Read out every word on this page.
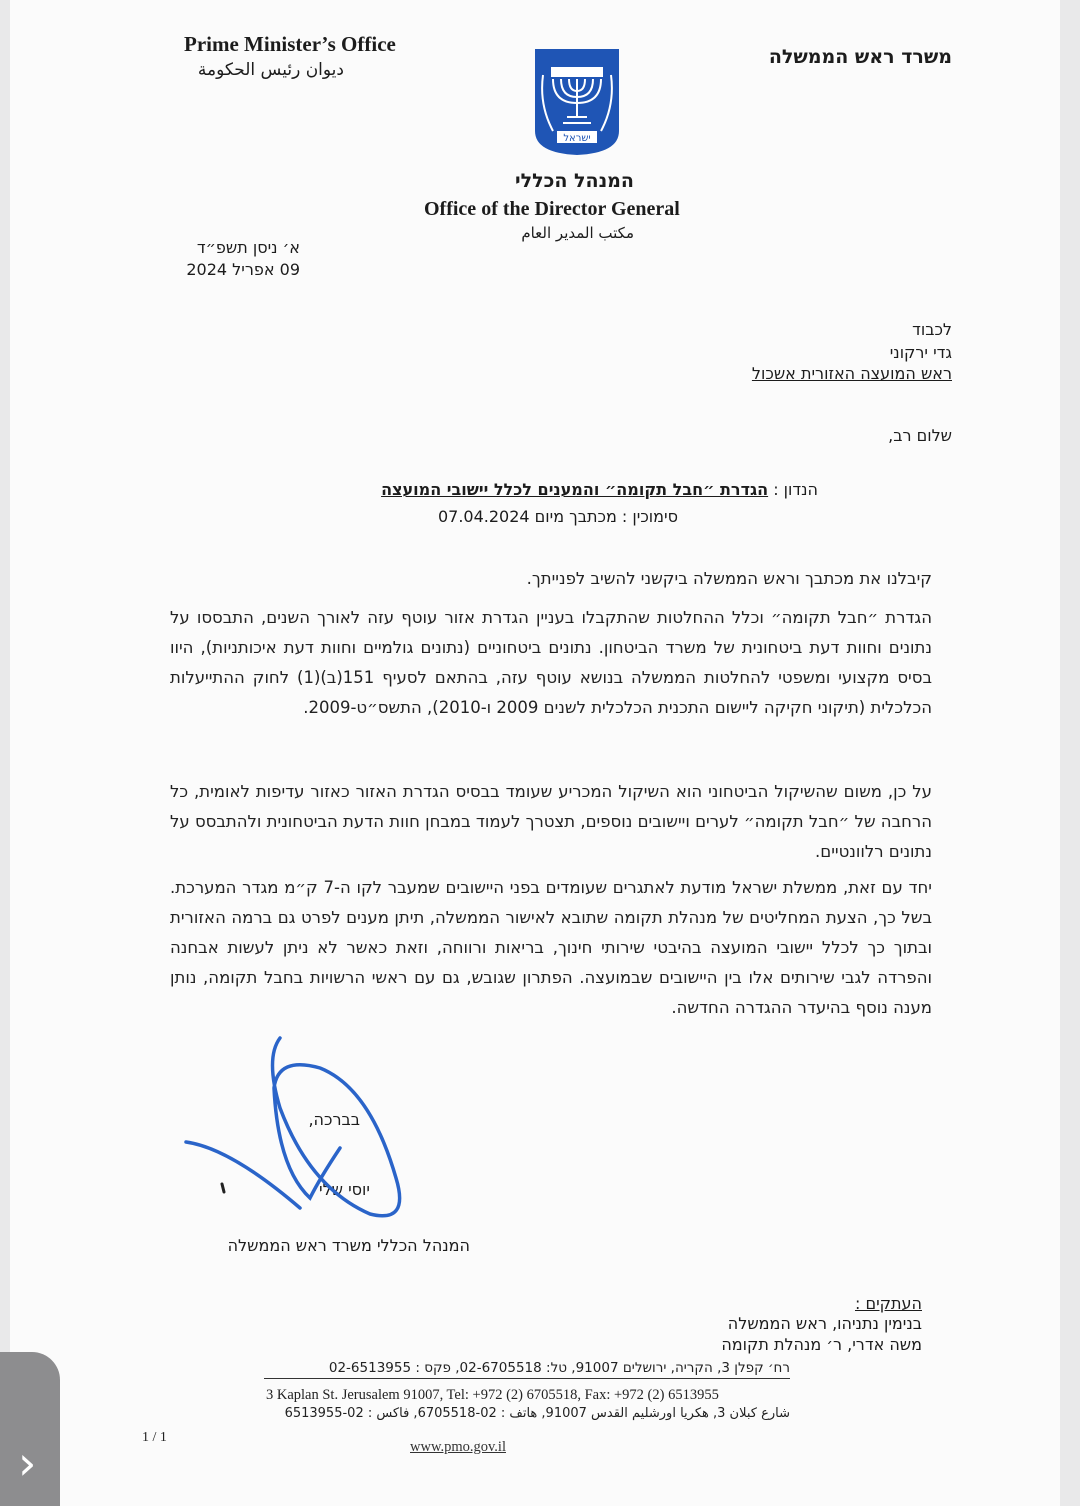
Prime Minister’s Office
ديوان رئيس الحكومة
משרד ראש הממשלה
ישראל
המנהל הכללי
Office of the Director General
مكتب المدير العام
א׳ ניסן תשפ״ד
09 אפריל 2024
לכבוד
גדי ירקוני
ראש המועצה האזורית אשכול
שלום רב,
הנדון : הגדרת ״חבל תקומה״ והמענים לכלל יישובי המועצה
סימוכין : מכתבך מיום 07.04.2024
קיבלנו את מכתבך וראש הממשלה ביקשני להשיב לפנייתך.
הגדרת ״חבל תקומה״ וכלל ההחלטות שהתקבלו בעניין הגדרת אזור עוטף עזה לאורך השנים, התבססו על נתונים וחוות דעת ביטחונית של משרד הביטחון. נתונים ביטחוניים (נתונים גולמיים וחוות דעת איכותניות), היוו בסיס מקצועי ומשפטי להחלטות הממשלה בנושא עוטף עזה, בהתאם לסעיף 151(ב)(1) לחוק ההתייעלות הכלכלית (תיקוני חקיקה ליישום התכנית הכלכלית לשנים 2009 ו-2010), התשס״ט-2009.
על כן, משום שהשיקול הביטחוני הוא השיקול המכריע שעומד בבסיס הגדרת האזור כאזור עדיפות לאומית, כל הרחבה של ״חבל תקומה״ לערים ויישובים נוספים, תצטרך לעמוד במבחן חוות הדעת הביטחונית ולהתבסס על נתונים רלוונטיים.
יחד עם זאת, ממשלת ישראל מודעת לאתגרים שעומדים בפני היישובים שמעבר לקו ה-7 ק״מ מגדר המערכת. בשל כך, הצעת המחליטים של מנהלת תקומה שתובא לאישור הממשלה, תיתן מענים לפרט גם ברמה האזורית ובתוך כך לכלל יישובי המועצה בהיבטי שירותי חינוך, בריאות ורווחה, וזאת כאשר לא ניתן לעשות אבחנה והפרדה לגבי שירותים אלו בין היישובים שבמועצה. הפתרון שגובש, גם עם ראשי הרשויות בחבל תקומה, נותן מענה נוסף בהיעדר ההגדרה החדשה.
בברכה,
יוסי שלי
המנהל הכללי משרד ראש הממשלה
העתקים :
בנימין נתניהו, ראש הממשלה
משה אדרי, ר׳ מנהלת תקומה
רח׳ קפלן 3, הקריה, ירושלים 91007, טל: 02-6705518, פקס : 02-6513955
3 Kaplan St. Jerusalem 91007, Tel: +972 (2) 6705518, Fax: +972 (2) 6513955
شارع كبلان 3, هكريا اورشليم القدس 91007, هاتف : 02-6705518, فاكس : 02-6513955
www.pmo.gov.il
1 / 1
›
